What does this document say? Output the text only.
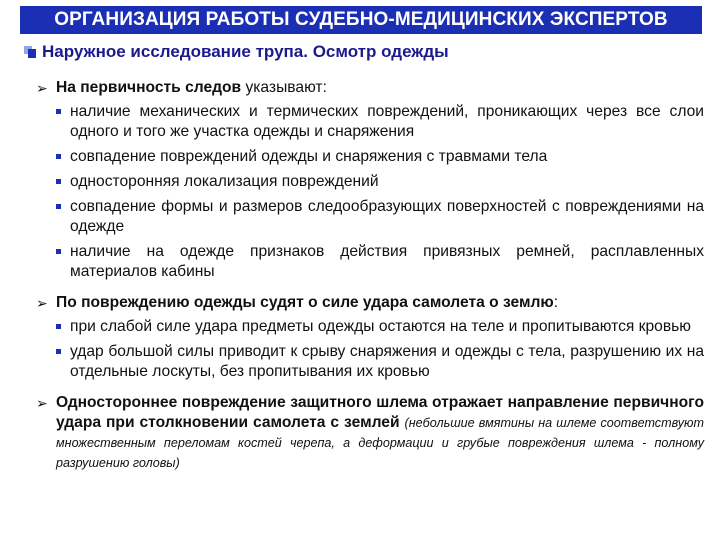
ОРГАНИЗАЦИЯ РАБОТЫ СУДЕБНО-МЕДИЦИНСКИХ ЭКСПЕРТОВ
Наружное исследование трупа. Осмотр одежды
➢ На первичность следов указывают:
наличие механических и термических повреждений, проникающих через все слои одного и того же участка одежды и снаряжения
совпадение повреждений одежды и снаряжения с травмами тела
односторонняя локализация повреждений
совпадение формы и размеров следообразующих поверхностей с повреждениями на одежде
наличие на одежде признаков действия привязных ремней, расплавленных материалов кабины
➢ По повреждению одежды судят о силе удара самолета о землю:
при слабой силе удара предметы одежды остаются на теле и пропитываются кровью
удар большой силы приводит к срыву снаряжения и одежды с тела, разрушению их на отдельные лоскуты, без пропитывания их кровью
➢ Одностороннее повреждение защитного шлема отражает направление первичного удара при столкновении самолета с землей (небольшие вмятины на шлеме соответствуют множественным переломам костей черепа, а деформации и грубые повреждения шлема - полному разрушению головы)
